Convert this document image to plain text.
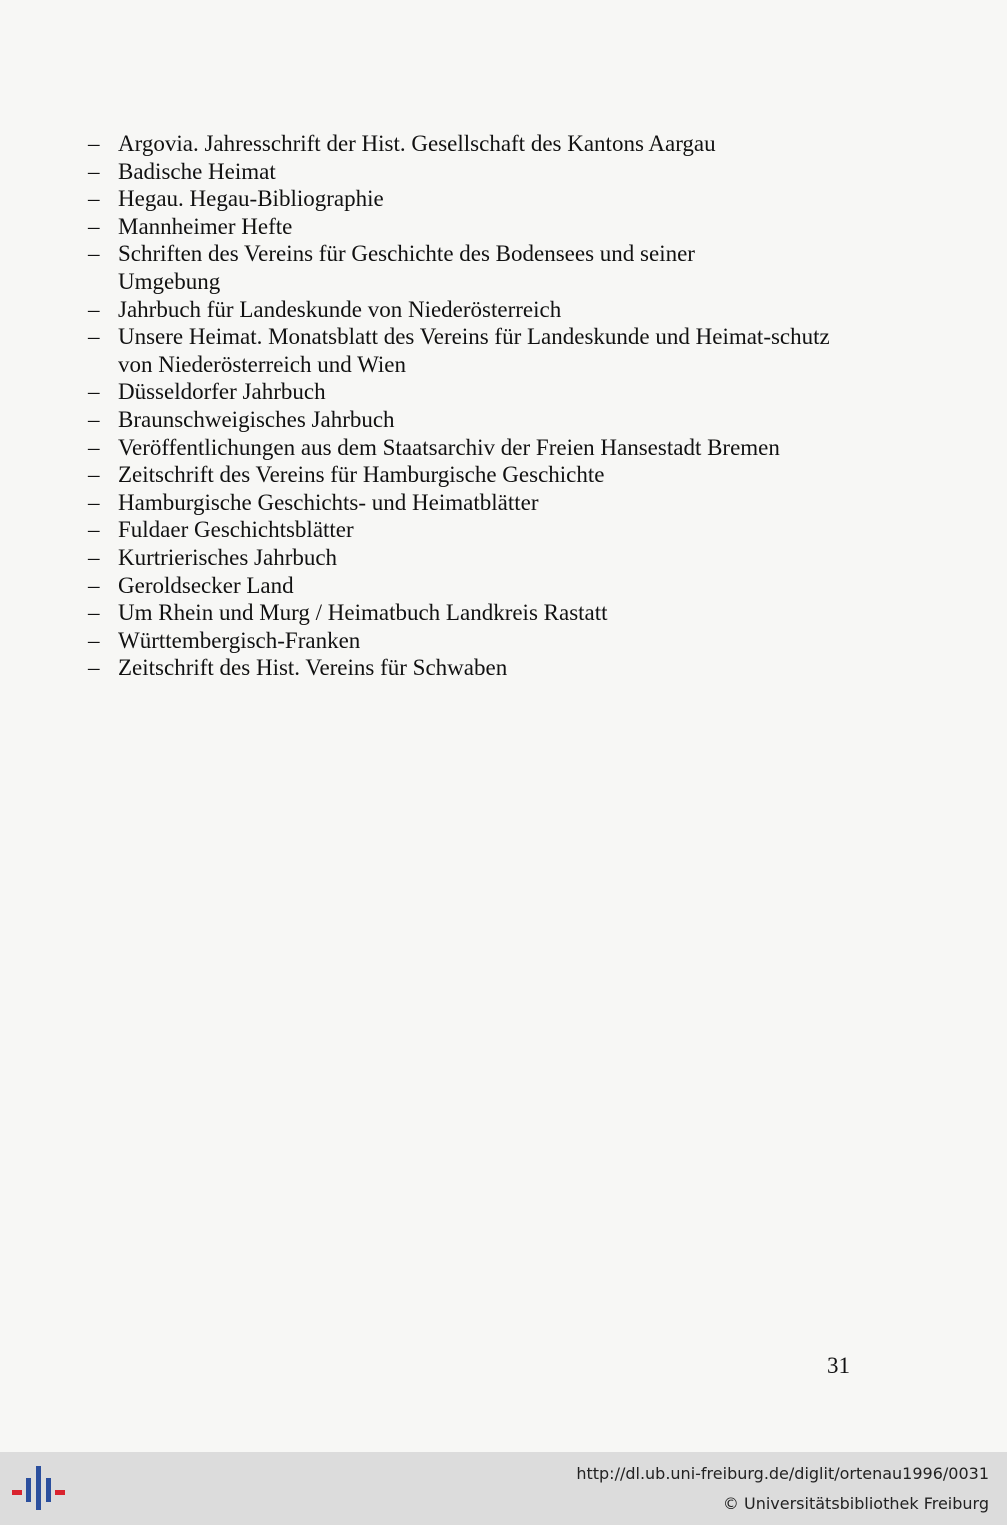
– Argovia. Jahresschrift der Hist. Gesellschaft des Kantons Aargau
– Badische Heimat
– Hegau. Hegau-Bibliographie
– Mannheimer Hefte
– Schriften des Vereins für Geschichte des Bodensees und seiner Umgebung
– Jahrbuch für Landeskunde von Niederösterreich
– Unsere Heimat. Monatsblatt des Vereins für Landeskunde und Heimat-schutz von Niederösterreich und Wien
– Düsseldorfer Jahrbuch
– Braunschweigisches Jahrbuch
– Veröffentlichungen aus dem Staatsarchiv der Freien Hansestadt Bremen
– Zeitschrift des Vereins für Hamburgische Geschichte
– Hamburgische Geschichts- und Heimatblätter
– Fuldaer Geschichtsblätter
– Kurtrierisches Jahrbuch
– Geroldsecker Land
– Um Rhein und Murg / Heimatbuch Landkreis Rastatt
– Württembergisch-Franken
– Zeitschrift des Hist. Vereins für Schwaben
31
http://dl.ub.uni-freiburg.de/diglit/ortenau1996/0031
© Universitätsbibliothek Freiburg
